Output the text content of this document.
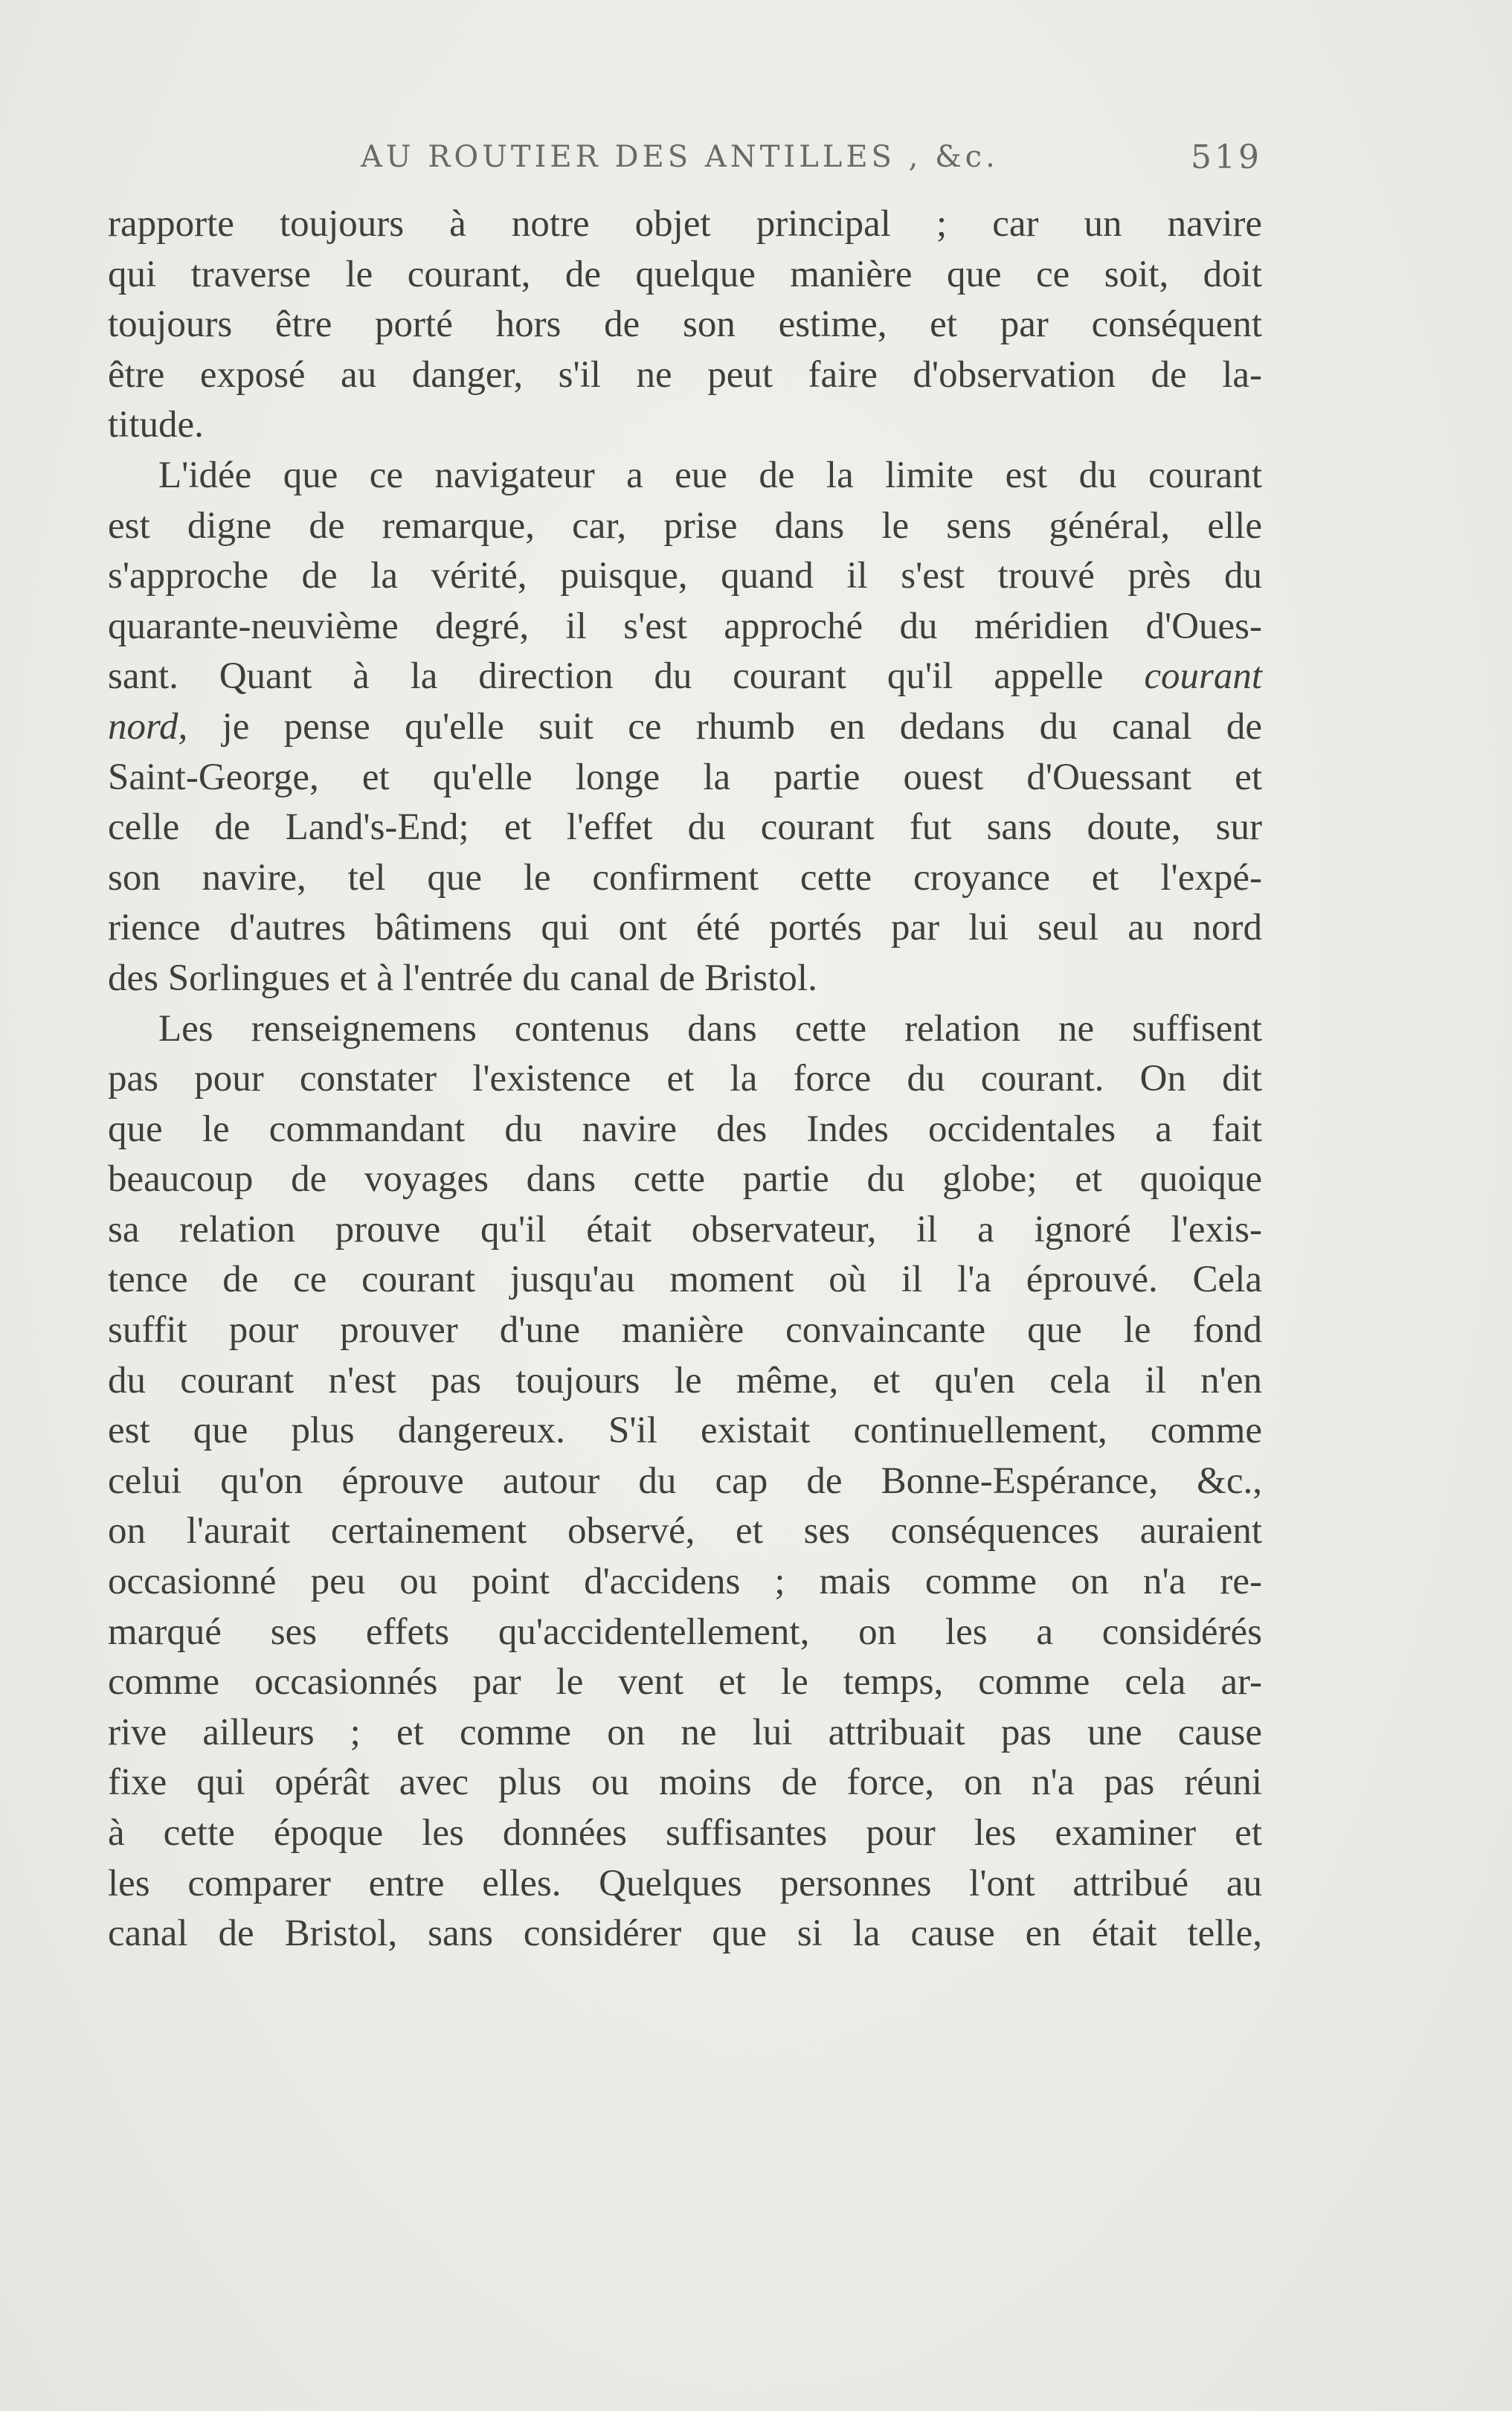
AU ROUTIER DES ANTILLES , &c.	519
rapporte toujours à notre objet principal ; car un navire
qui traverse le courant, de quelque manière que ce soit, doit
toujours être porté hors de son estime, et par conséquent
être exposé au danger, s'il ne peut faire d'observation de la-
titude.
L'idée que ce navigateur a eue de la limite est du courant
est digne de remarque, car, prise dans le sens général, elle
s'approche de la vérité, puisque, quand il s'est trouvé près du
quarante-neuvième degré, il s'est approché du méridien d'Oues-
sant. Quant à la direction du courant qu'il appelle courant
nord, je pense qu'elle suit ce rhumb en dedans du canal de
Saint-George, et qu'elle longe la partie ouest d'Ouessant et
celle de Land's-End; et l'effet du courant fut sans doute, sur
son navire, tel que le confirment cette croyance et l'expé-
rience d'autres bâtimens qui ont été portés par lui seul au nord
des Sorlingues et à l'entrée du canal de Bristol.
Les renseignemens contenus dans cette relation ne suffisent
pas pour constater l'existence et la force du courant. On dit
que le commandant du navire des Indes occidentales a fait
beaucoup de voyages dans cette partie du globe; et quoique
sa relation prouve qu'il était observateur, il a ignoré l'exis-
tence de ce courant jusqu'au moment où il l'a éprouvé. Cela
suffit pour prouver d'une manière convaincante que le fond
du courant n'est pas toujours le même, et qu'en cela il n'en
est que plus dangereux. S'il existait continuellement, comme
celui qu'on éprouve autour du cap de Bonne-Espérance, &c.,
on l'aurait certainement observé, et ses conséquences auraient
occasionné peu ou point d'accidens ; mais comme on n'a re-
marqué ses effets qu'accidentellement, on les a considérés
comme occasionnés par le vent et le temps, comme cela ar-
rive ailleurs ; et comme on ne lui attribuait pas une cause
fixe qui opérât avec plus ou moins de force, on n'a pas réuni
à cette époque les données suffisantes pour les examiner et
les comparer entre elles. Quelques personnes l'ont attribué au
canal de Bristol, sans considérer que si la cause en était telle,
